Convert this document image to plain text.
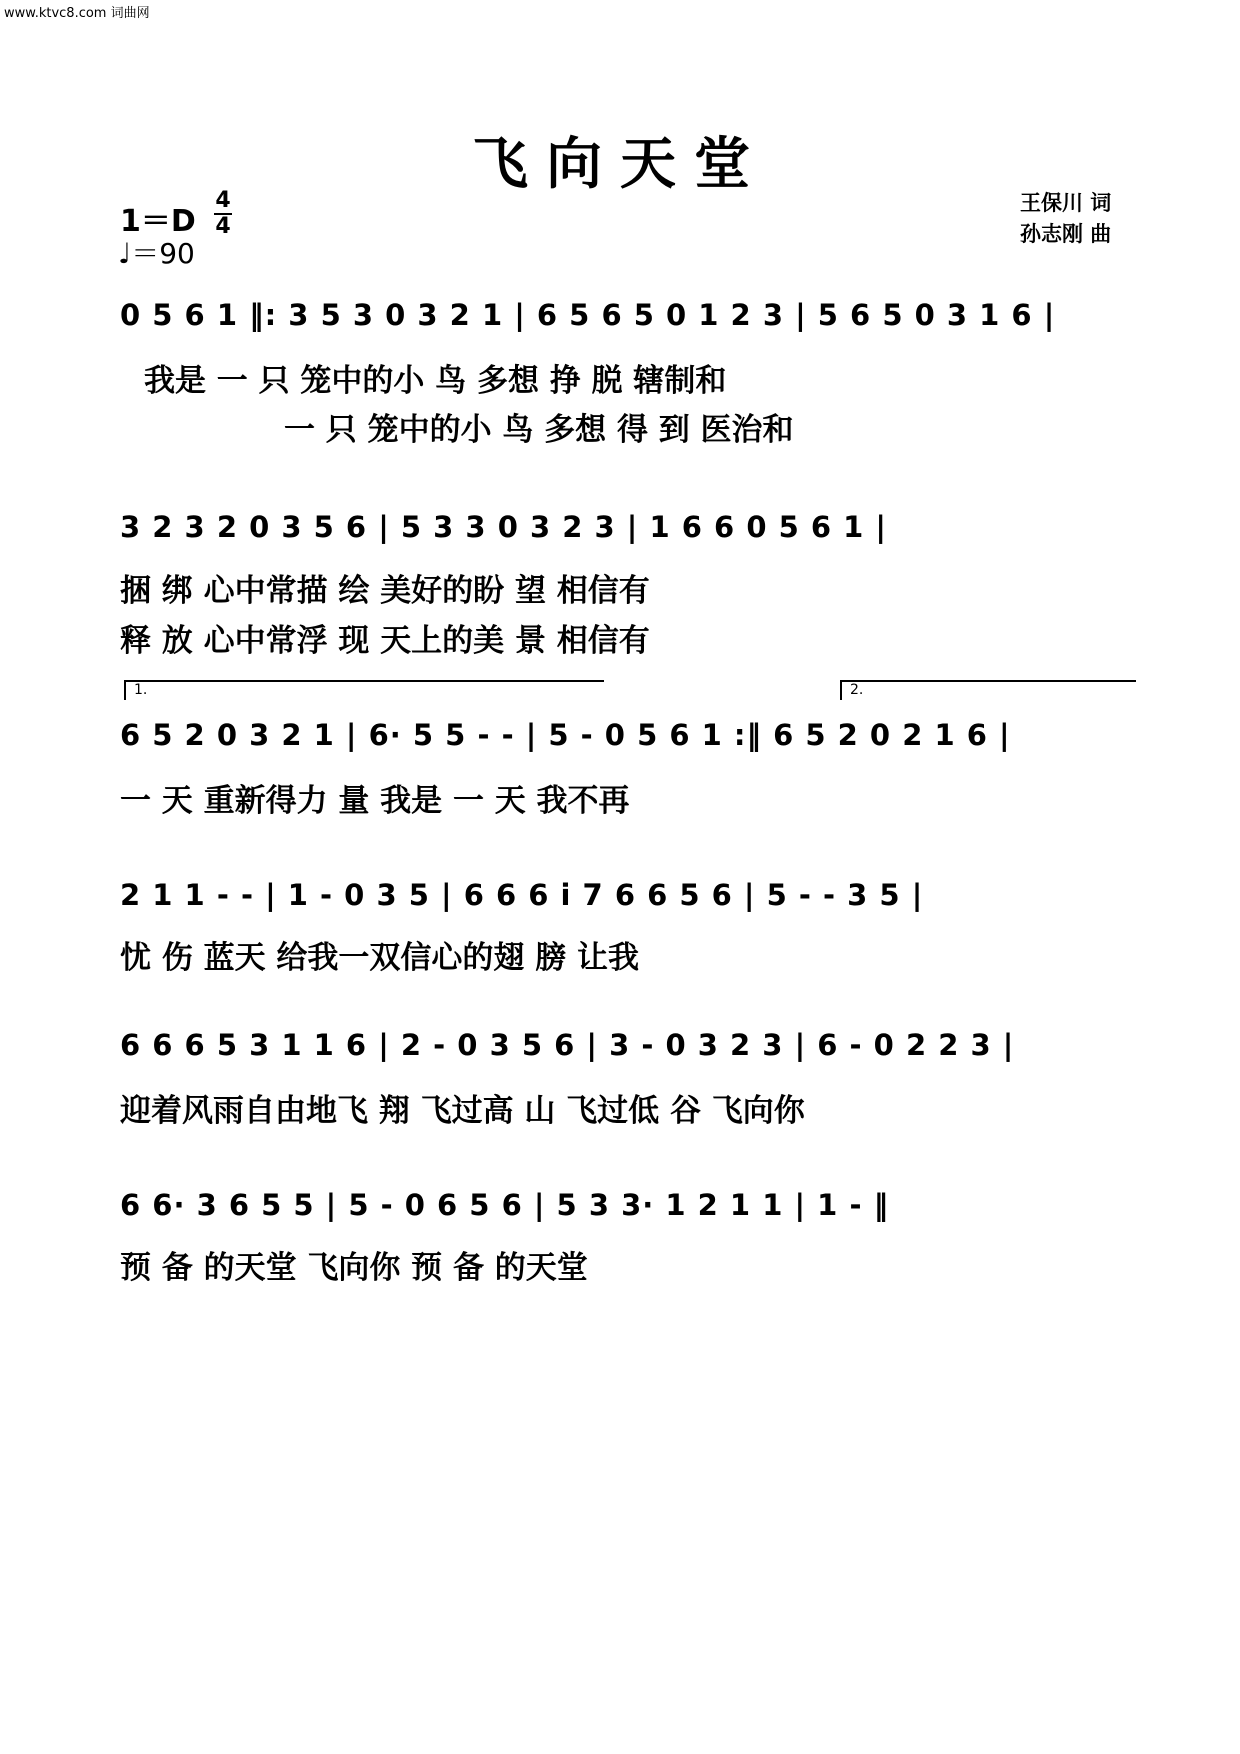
www.ktvc8.com 词曲网
飞向天堂
1＝D
4
4
♩＝90
王保川 词
孙志刚 曲
0 5 6 1 ‖: 3 5 3 0 3 2 1 | 6 5 6 5 0 1 2 3 | 5 6 5 0 3 1 6 |
我是 一 只 笼中的小 鸟 多想 挣 脱 辖制和
一 只 笼中的小 鸟 多想 得 到 医治和
3 2 3 2 0 3 5 6 | 5 3 3 0 3 2 3 | 1 6 6 0 5 6 1 |
捆 绑 心中常描 绘 美好的盼 望 相信有
释 放 心中常浮 现 天上的美 景 相信有
1.	2.
6 5 2 0 3 2 1 | 6· 5 5 - - | 5 - 0 5 6 1 :‖ 6 5 2 0 2 1 6 |
一 天 重新得力 量 我是 一 天 我不再
2 1 1 - - | 1 - 0 3 5 | 6 6 6 i 7 6 6 5 6 | 5 - - 3 5 |
忧 伤 蓝天 给我一双信心的翅 膀 让我
6 6 6 5 3 1 1 6 | 2 - 0 3 5 6 | 3 - 0 3 2 3 | 6 - 0 2 2 3 |
迎着风雨自由地飞 翔 飞过高 山 飞过低 谷 飞向你
6 6· 3 6 5 5 | 5 - 0 6 5 6 | 5 3 3· 1 2 1 1 | 1 - ‖
预 备 的天堂 飞向你 预 备 的天堂
